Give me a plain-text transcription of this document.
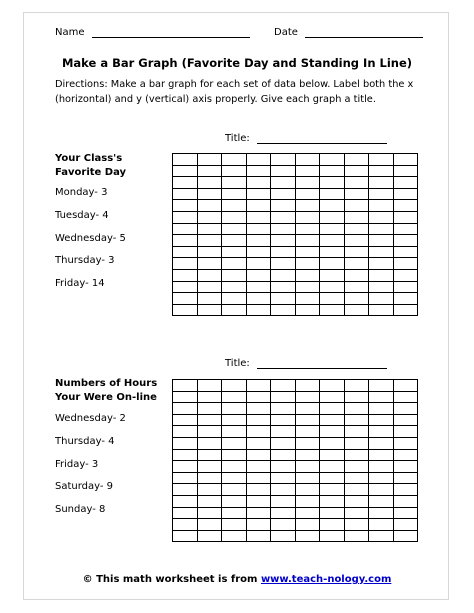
Name	Date
Make a Bar Graph (Favorite Day and Standing In Line)
Directions: Make a bar graph for each set of data below. Label both the x (horizontal) and y (vertical) axis properly. Give each graph a title.
Title:
Your Class's
Favorite Day
Monday- 3
Tuesday- 4
Wednesday- 5
Thursday- 3
Friday- 14
Title:
Numbers of Hours
Your Were On-line
Wednesday- 2
Thursday- 4
Friday- 3
Saturday- 9
Sunday- 8
© This math worksheet is from www.teach-nology.com
